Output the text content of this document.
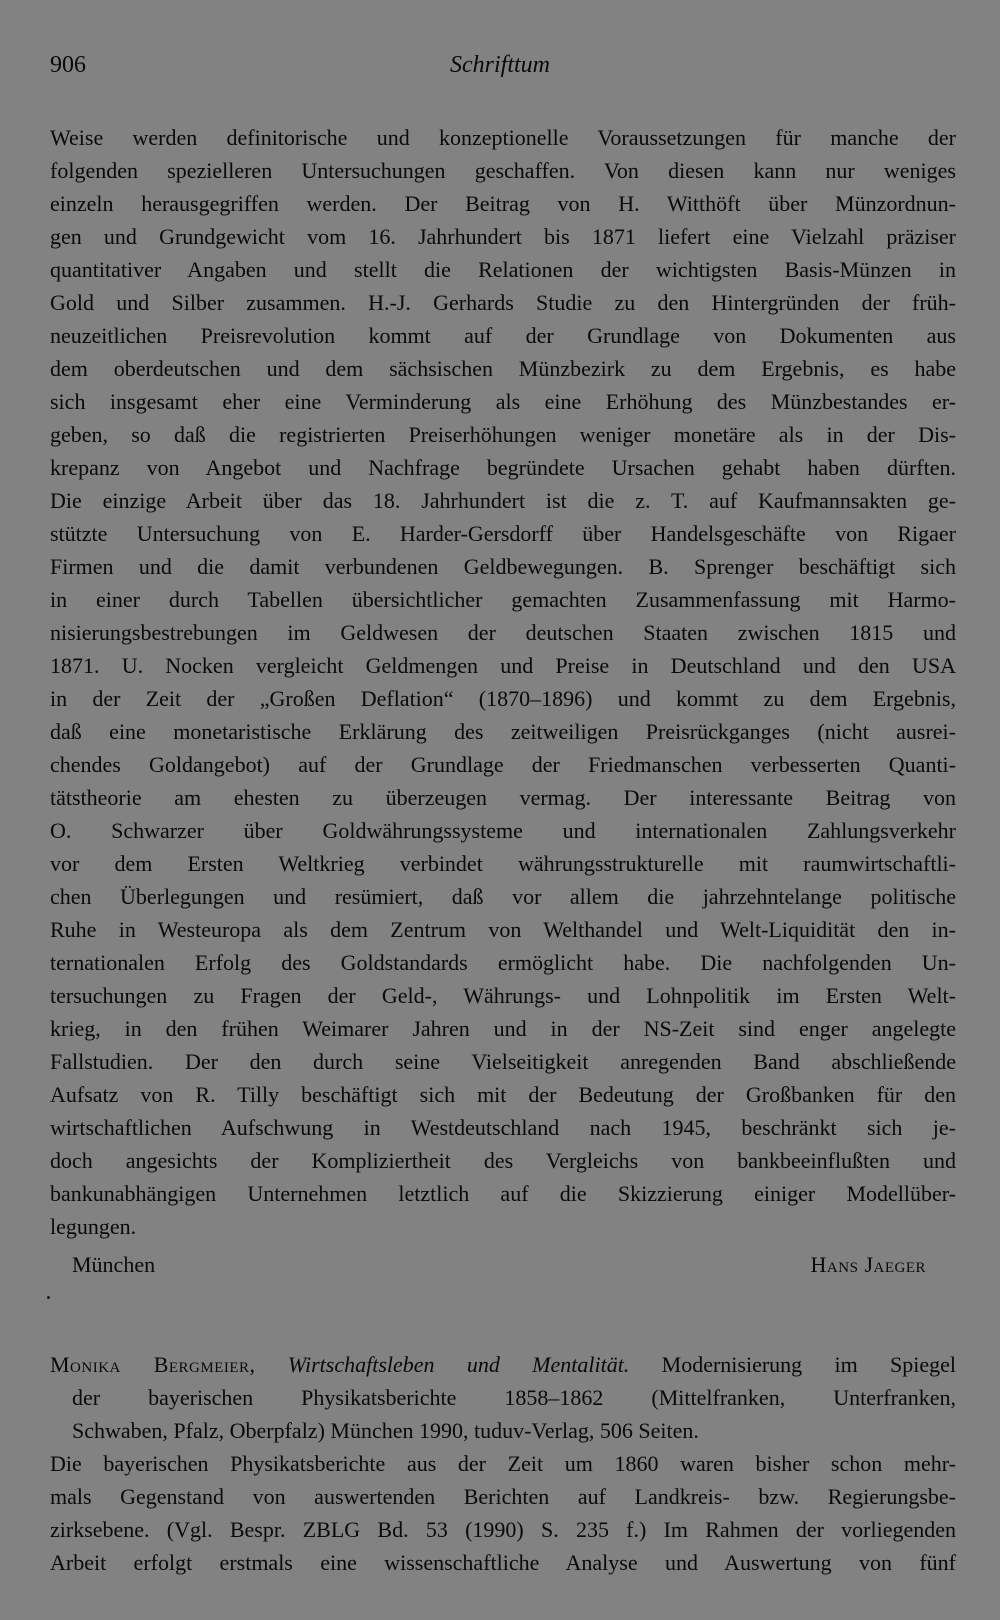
906	Schrifttum
Weise werden definitorische und konzeptionelle Voraussetzungen für manche der
folgenden spezielleren Untersuchungen geschaffen. Von diesen kann nur weniges
einzeln herausgegriffen werden. Der Beitrag von H. Witthöft über Münzordnun-
gen und Grundgewicht vom 16. Jahrhundert bis 1871 liefert eine Vielzahl präziser
quantitativer Angaben und stellt die Relationen der wichtigsten Basis-Münzen in
Gold und Silber zusammen. H.-J. Gerhards Studie zu den Hintergründen der früh-
neuzeitlichen Preisrevolution kommt auf der Grundlage von Dokumenten aus
dem oberdeutschen und dem sächsischen Münzbezirk zu dem Ergebnis, es habe
sich insgesamt eher eine Verminderung als eine Erhöhung des Münzbestandes er-
geben, so daß die registrierten Preiserhöhungen weniger monetäre als in der Dis-
krepanz von Angebot und Nachfrage begründete Ursachen gehabt haben dürften.
Die einzige Arbeit über das 18. Jahrhundert ist die z. T. auf Kaufmannsakten ge-
stützte Untersuchung von E. Harder-Gersdorff über Handelsgeschäfte von Rigaer
Firmen und die damit verbundenen Geldbewegungen. B. Sprenger beschäftigt sich
in einer durch Tabellen übersichtlicher gemachten Zusammenfassung mit Harmo-
nisierungsbestrebungen im Geldwesen der deutschen Staaten zwischen 1815 und
1871. U. Nocken vergleicht Geldmengen und Preise in Deutschland und den USA
in der Zeit der „Großen Deflation“ (1870–1896) und kommt zu dem Ergebnis,
daß eine monetaristische Erklärung des zeitweiligen Preisrückganges (nicht ausrei-
chendes Goldangebot) auf der Grundlage der Friedmanschen verbesserten Quanti-
tätstheorie am ehesten zu überzeugen vermag. Der interessante Beitrag von
O. Schwarzer über Goldwährungssysteme und internationalen Zahlungsverkehr
vor dem Ersten Weltkrieg verbindet währungsstrukturelle mit raumwirtschaftli-
chen Überlegungen und resümiert, daß vor allem die jahrzehntelange politische
Ruhe in Westeuropa als dem Zentrum von Welthandel und Welt-Liquidität den in-
ternationalen Erfolg des Goldstandards ermöglicht habe. Die nachfolgenden Un-
tersuchungen zu Fragen der Geld-, Währungs- und Lohnpolitik im Ersten Welt-
krieg, in den frühen Weimarer Jahren und in der NS-Zeit sind enger angelegte
Fallstudien. Der den durch seine Vielseitigkeit anregenden Band abschließende
Aufsatz von R. Tilly beschäftigt sich mit der Bedeutung der Großbanken für den
wirtschaftlichen Aufschwung in Westdeutschland nach 1945, beschränkt sich je-
doch angesichts der Kompliziertheit des Vergleichs von bankbeeinflußten und
bankunabhängigen Unternehmen letztlich auf die Skizzierung einiger Modellüber-
legungen.
München	Hans Jaeger
Monika Bergmeier, Wirtschaftsleben und Mentalität. Modernisierung im Spiegel
der bayerischen Physikatsberichte 1858–1862 (Mittelfranken, Unterfranken,
Schwaben, Pfalz, Oberpfalz) München 1990, tuduv-Verlag, 506 Seiten.
Die bayerischen Physikatsberichte aus der Zeit um 1860 waren bisher schon mehr-
mals Gegenstand von auswertenden Berichten auf Landkreis- bzw. Regierungsbe-
zirksebene. (Vgl. Bespr. ZBLG Bd. 53 (1990) S. 235 f.) Im Rahmen der vorliegenden
Arbeit erfolgt erstmals eine wissenschaftliche Analyse und Auswertung von fünf
